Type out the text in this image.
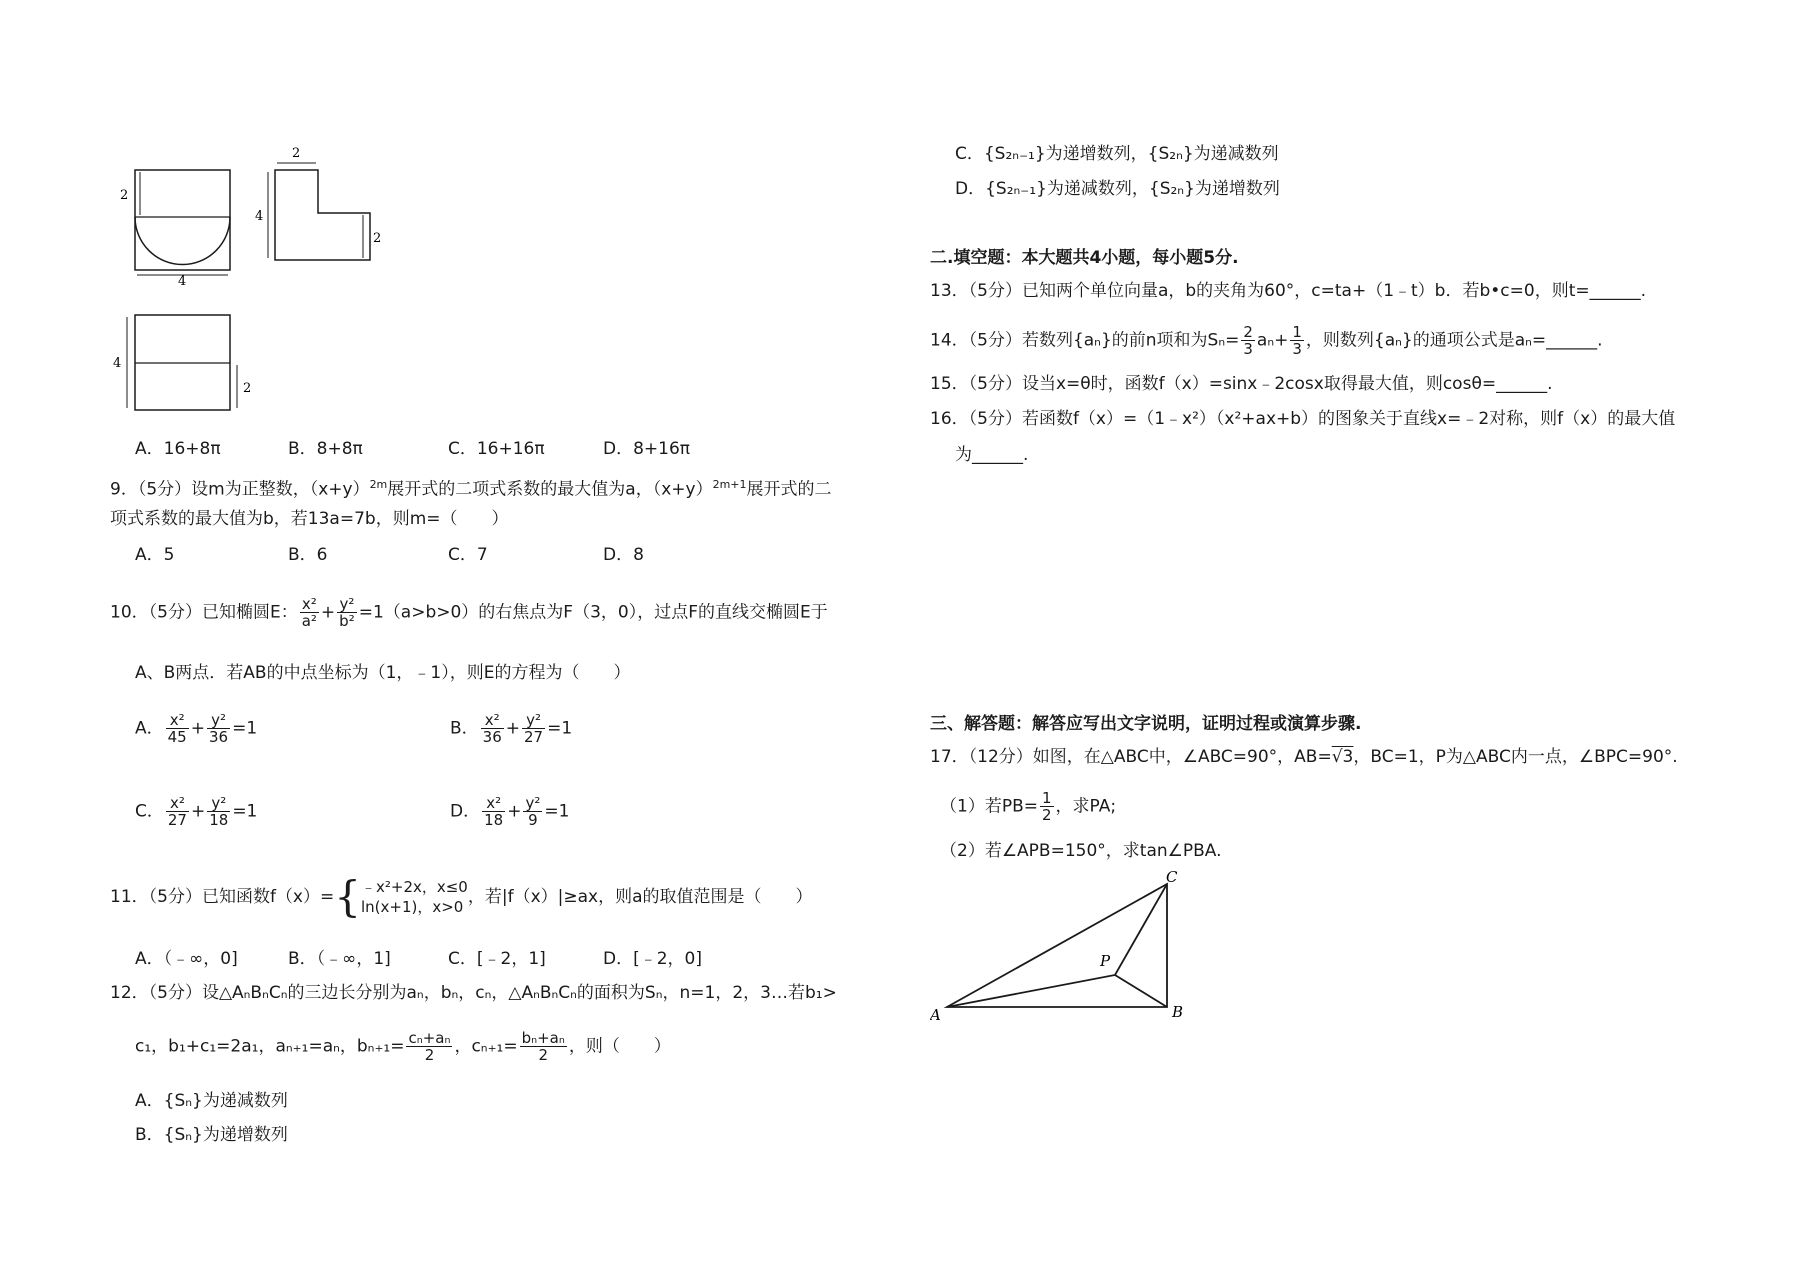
2
4
2
4
2
4
2
A．16+8π	B．8+8π	C．16+16π	D．8+16π
9．（5分）设m为正整数，$(x+y)^{2m}$展开式的二项式系数的最大值为a，$(x+y)^{2m+1}$展开式的二
项式系数的最大值为b，若13a=7b，则m=（　　）
A．5	B．6	C．7	D．8
10．（5分）已知椭圆E： $\frac{\text{x²}}{\text{a²}} + \frac{\text{y²}}{\text{b²}} =1(a>b>0)$的右焦点为F（3，0），过点F的直线交椭圆E于
A、B两点．若AB的中点坐标为（1，﹣1），则E的方程为（　　）
A． $\frac{\text{x²}}{45} + \frac{\text{y²}}{36} =1$	B． $\frac{\text{x²}}{36} + \frac{\text{y²}}{27} =1$
C． $\frac{\text{x²}}{27} + \frac{\text{y²}}{18} =1$	D． $\frac{\text{x²}}{18} + \frac{\text{y²}}{9} =1$
11．（5分）已知函数f（x）={ ﹣x²+2x，x≤0
ln(x+1)，x>0 ，若|f（x）|≥ax，则a的取值范围是（　　）
A．（﹣∞，0]	B．（﹣∞，1]	C．[﹣2，1]	D．[﹣2，0]
12．（5分）设△AₙBₙCₙ的三边长分别为aₙ，bₙ，cₙ，△AₙBₙCₙ的面积为Sₙ，n=1，2，3…若b₁>
c₁，b₁+c₁=2a₁，aₙ₊₁=aₙ，$b_{n+1}= \frac{\text{cₙ+aₙ}}{2}$ ，$c_{n+1}= \frac{\text{bₙ+aₙ}}{2}$ ，则（　　）
A．{Sₙ}为递减数列
B．{Sₙ}为递增数列
C．{S₂ₙ₋₁}为递增数列，{S₂ₙ}为递减数列
D．{S₂ₙ₋₁}为递减数列，{S₂ₙ}为递增数列
二.填空题：本大题共4小题，每小题5分.
13．（5分）已知两个单位向量a，b的夹角为60°，c=ta+（1﹣t）b．若b•c=0，则t=______.
14．（5分）若数列{aₙ}的前n项和为$S_n= \frac{2}{3} a_n+ \frac{1}{3}$ ，则数列{aₙ}的通项公式是aₙ=______.
15．（5分）设当x=θ时，函数f（x）=sinx﹣2cosx取得最大值，则cosθ=______.
16．（5分）若函数f（x）=（1﹣x²）（x²+ax+b）的图象关于直线x=﹣2对称，则f（x）的最大值
为______.
三、解答题：解答应写出文字说明，证明过程或演算步骤.
17．（12分）如图，在△ABC中，∠ABC=90°，AB=√3，BC=1，P为△ABC内一点，∠BPC=90°.
（1）若$PB= \frac{1}{2}$ ，求PA;
（2）若∠APB=150°，求tan∠PBA.
A	B
C
P
